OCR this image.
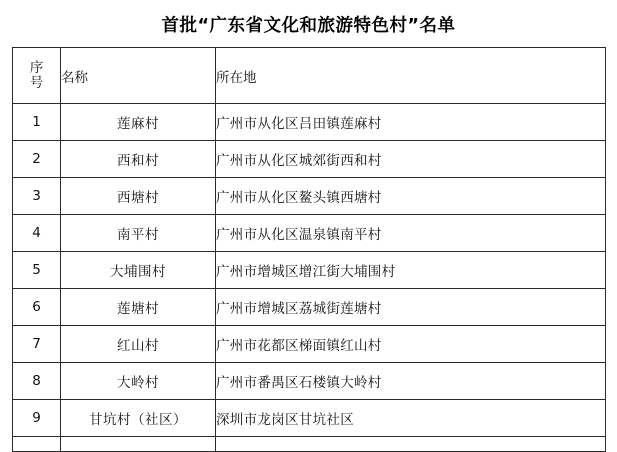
首批“广东省文化和旅游特色村”名单
序
号	名称	所在地
1	莲麻村	广州市从化区吕田镇莲麻村
2	西和村	广州市从化区城郊街西和村
3	西塘村	广州市从化区鳌头镇西塘村
4	南平村	广州市从化区温泉镇南平村
5	大埔围村	广州市增城区增江街大埔围村
6	莲塘村	广州市增城区荔城街莲塘村
7	红山村	广州市花都区梯面镇红山村
8	大岭村	广州市番禺区石楼镇大岭村
9	甘坑村（社区）	深圳市龙岗区甘坑社区
